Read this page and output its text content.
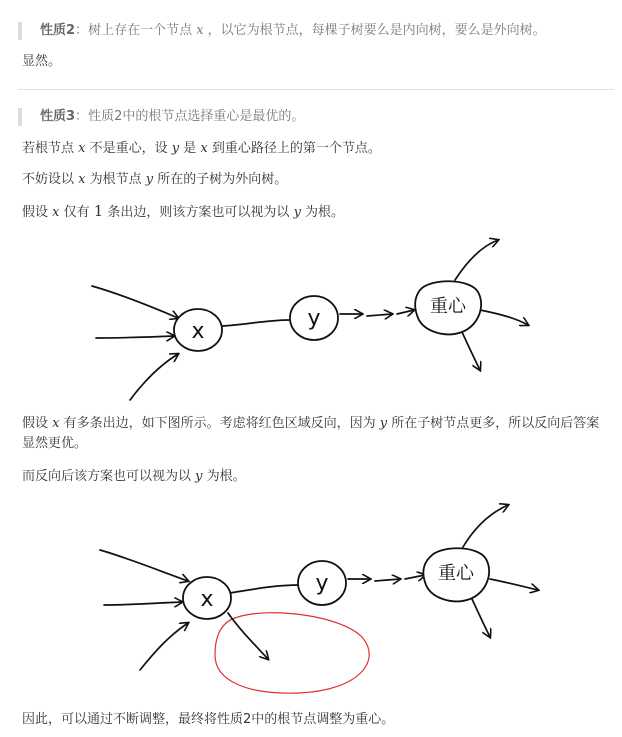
性质2：树上存在一个节点 x ，以它为根节点，每棵子树要么是内向树，要么是外向树。
显然。
性质3：性质2中的根节点选择重心是最优的。
若根节点 x 不是重心，设 y 是 x 到重心路径上的第一个节点。
不妨设以 x 为根节点 y 所在的子树为外向树。
假设 x 仅有 1 条出边，则该方案也可以视为以 y 为根。
x
y	重心
假设 x 有多条出边，如下图所示。考虑将红色区域反向，因为 y 所在子树节点更多，所以反向后答案显然更优。
而反向后该方案也可以视为以 y 为根。
x
y	重心
因此，可以通过不断调整，最终将性质2中的根节点调整为重心。
